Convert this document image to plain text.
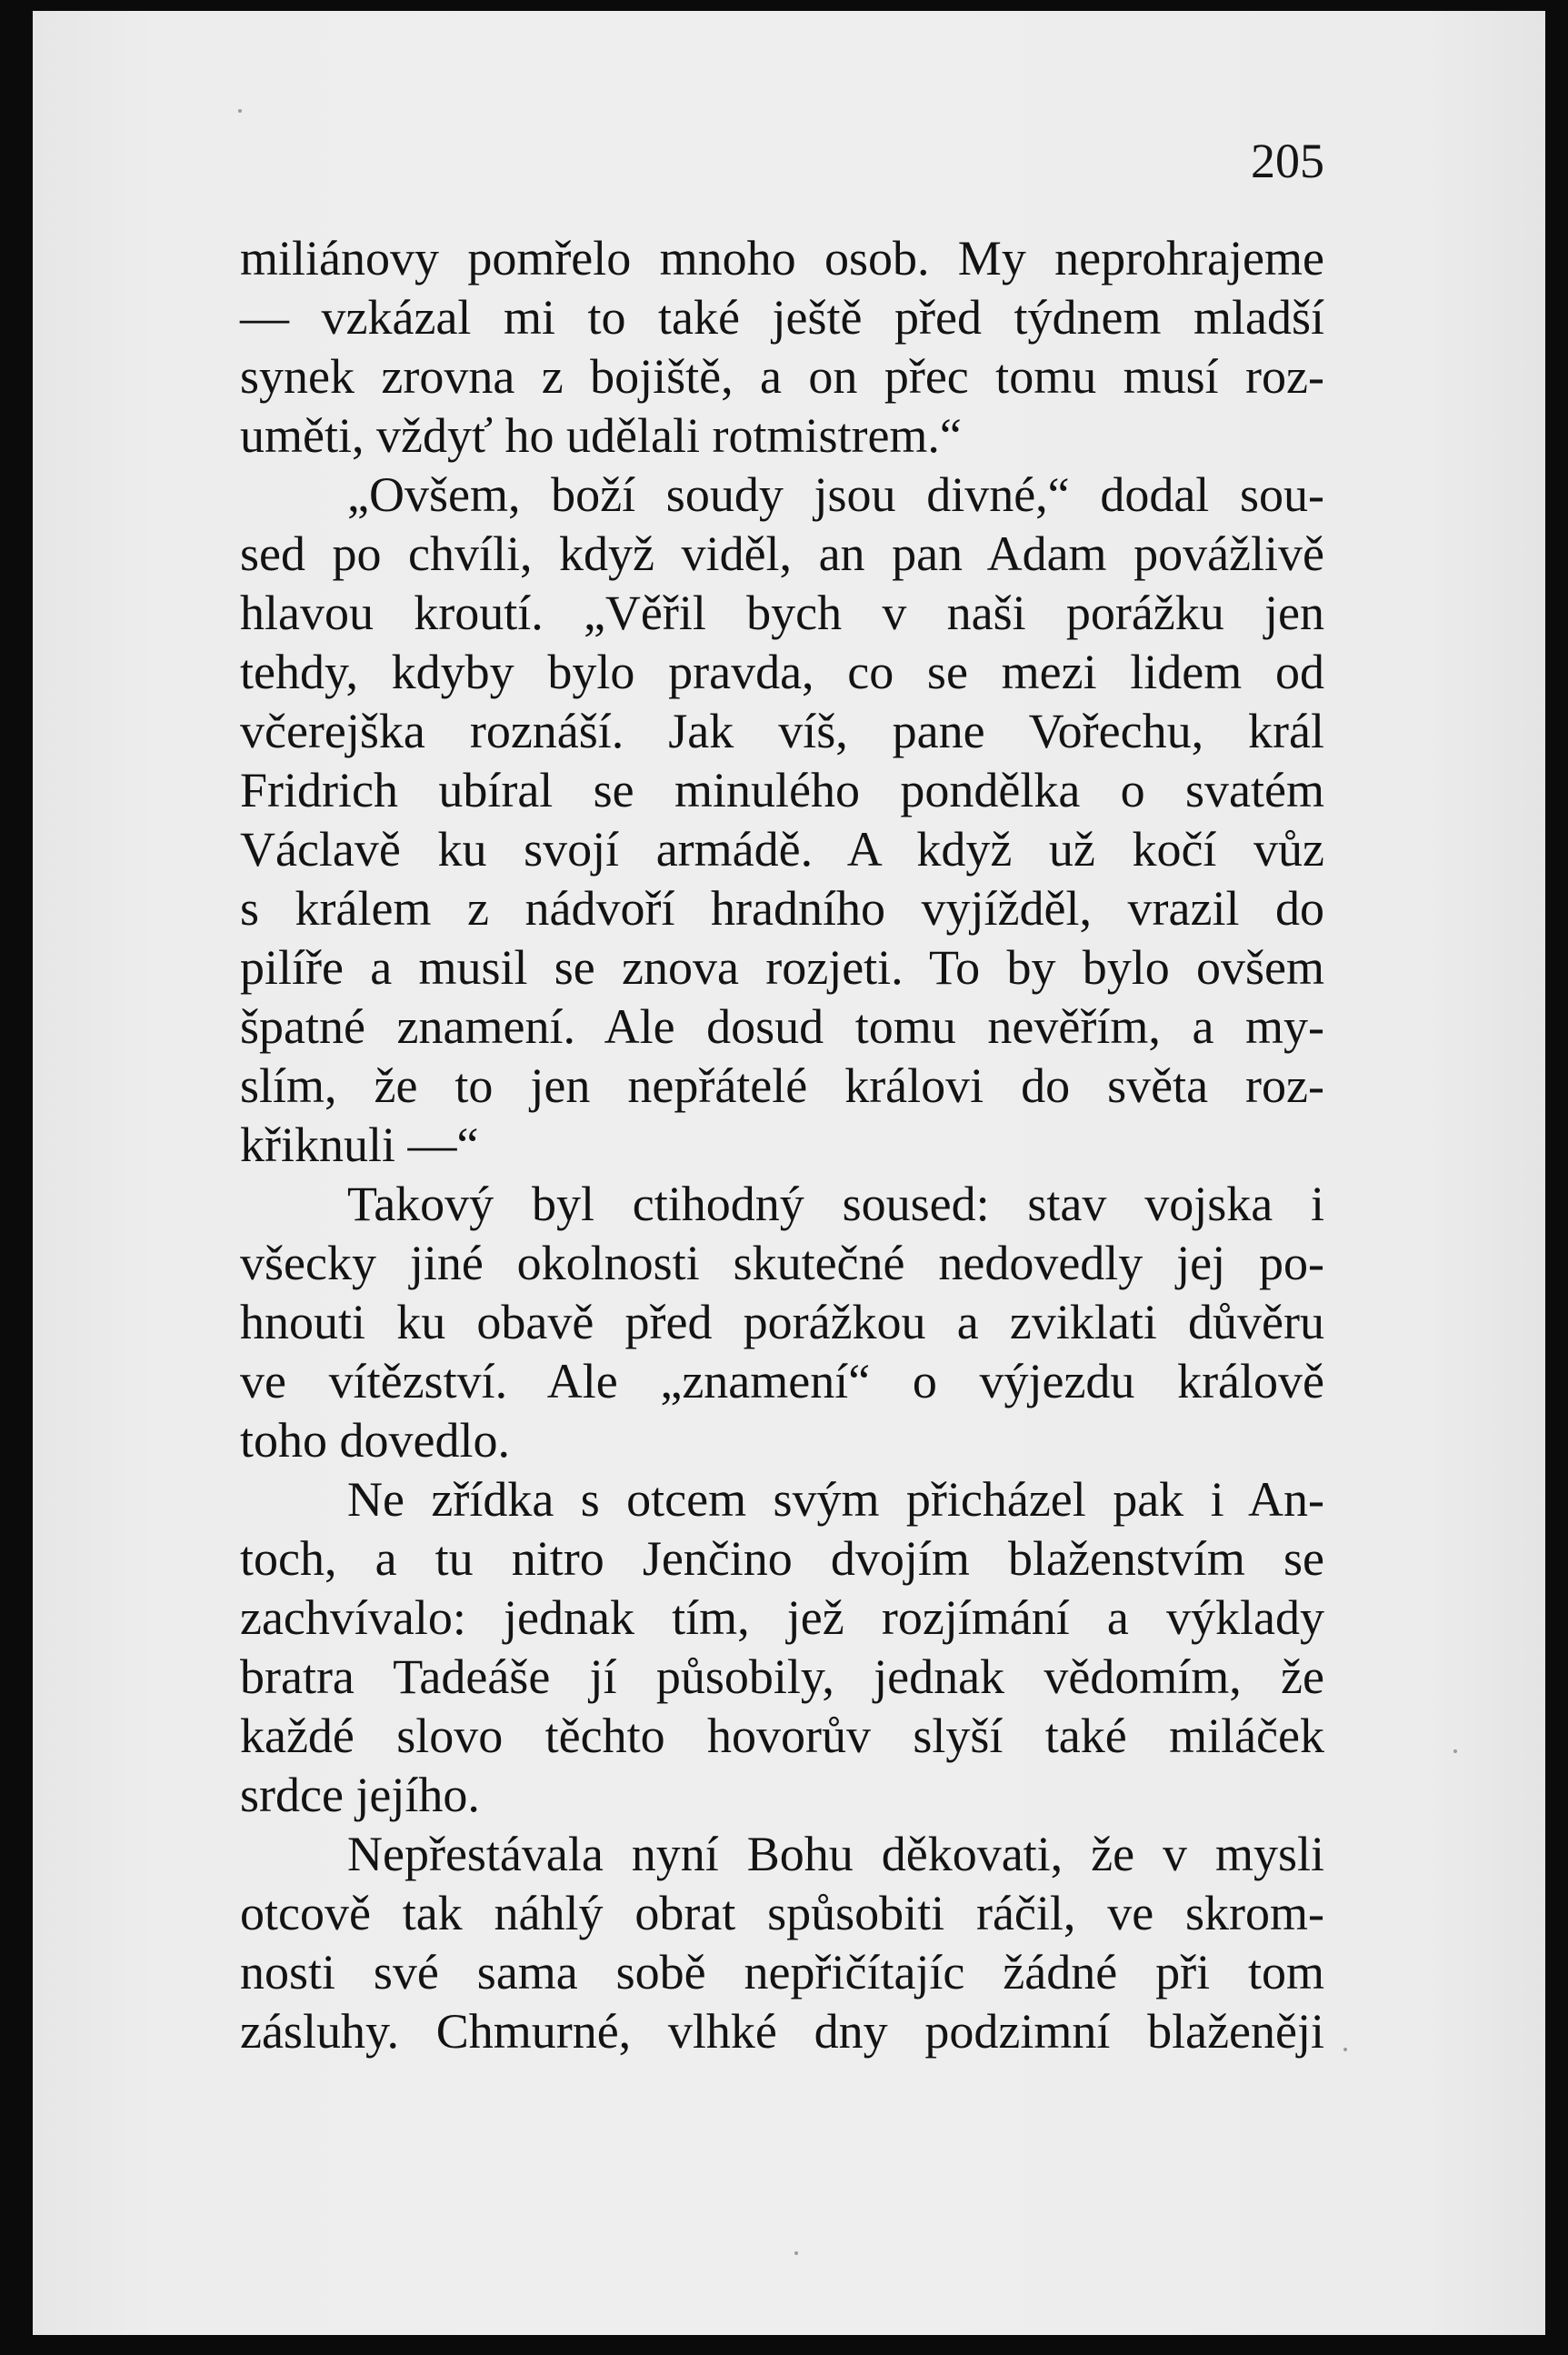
205
miliánovy pomřelo mnoho osob. My neprohrajeme
— vzkázal mi to také ještě před týdnem mladší
synek zrovna z bojiště, a on přec tomu musí roz-
uměti, vždyť ho udělali rotmistrem.“
„Ovšem, boží soudy jsou divné,“ dodal sou-
sed po chvíli, když viděl, an pan Adam povážlivě
hlavou kroutí. „Věřil bych v naši porážku jen
tehdy, kdyby bylo pravda, co se mezi lidem od
včerejška roznáší. Jak víš, pane Vořechu, král
Fridrich ubíral se minulého pondělka o svatém
Václavě ku svojí armádě. A když už kočí vůz
s králem z nádvoří hradního vyjížděl, vrazil do
pilíře a musil se znova rozjeti. To by bylo ovšem
špatné znamení. Ale dosud tomu nevěřím, a my-
slím, že to jen nepřátelé královi do světa roz-
křiknuli —“
Takový byl ctihodný soused: stav vojska i
všecky jiné okolnosti skutečné nedovedly jej po-
hnouti ku obavě před porážkou a zviklati důvěru
ve vítězství. Ale „znamení“ o výjezdu králově
toho dovedlo.
Ne zřídka s otcem svým přicházel pak i An-
toch, a tu nitro Jenčino dvojím blaženstvím se
zachvívalo: jednak tím, jež rozjímání a výklady
bratra Tadeáše jí působily, jednak vědomím, že
každé slovo těchto hovorův slyší také miláček
srdce jejího.
Nepřestávala nyní Bohu děkovati, že v mysli
otcově tak náhlý obrat spůsobiti ráčil, ve skrom-
nosti své sama sobě nepřičítajíc žádné při tom
zásluhy. Chmurné, vlhké dny podzimní blaženěji
